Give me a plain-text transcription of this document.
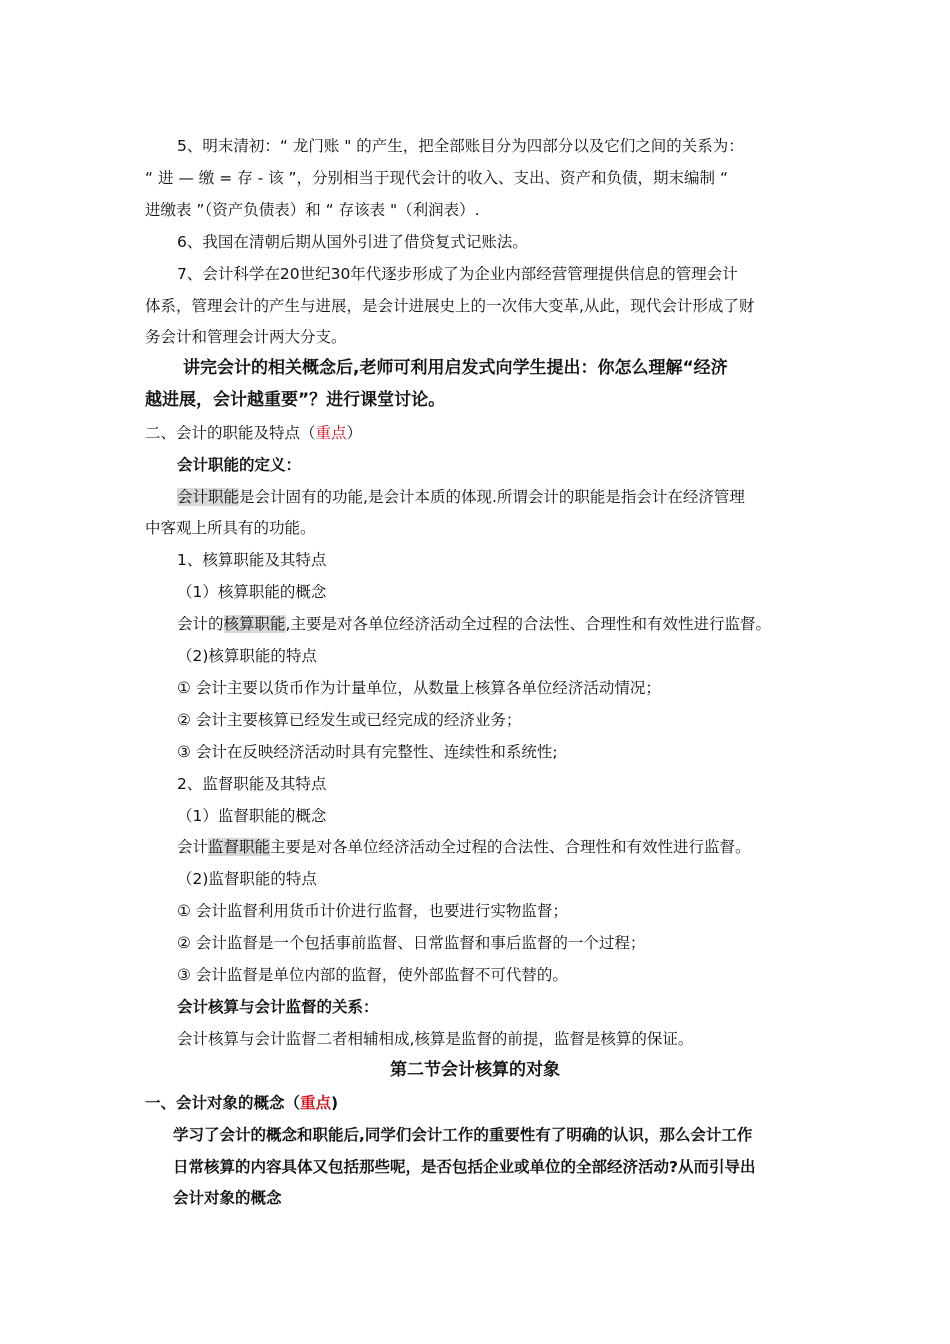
5、明末清初：“ 龙门账 " 的产生，把全部账目分为四部分以及它们之间的关系为：
“ 进 — 缴 = 存 - 该 ”，分别相当于现代会计的收入、支出、资产和负债，期末编制 “
进缴表 ”（资产负债表）和 “ 存该表 "（利润表）.
6、我国在清朝后期从国外引进了借贷复式记账法。
7、会计科学在20世纪30年代逐步形成了为企业内部经营管理提供信息的管理会计
体系，管理会计的产生与进展，是会计进展史上的一次伟大变革,从此，现代会计形成了财
务会计和管理会计两大分支。
讲完会计的相关概念后,老师可利用启发式向学生提出：你怎么理解“经济
越进展，会计越重要”？进行课堂讨论。
二、会计的职能及特点（重点）
会计职能的定义：
会计职能是会计固有的功能,是会计本质的体现.所谓会计的职能是指会计在经济管理
中客观上所具有的功能。
1、核算职能及其特点
（1）核算职能的概念
会计的核算职能,主要是对各单位经济活动全过程的合法性、合理性和有效性进行监督。
（2)核算职能的特点
① 会计主要以货币作为计量单位，从数量上核算各单位经济活动情况；
② 会计主要核算已经发生或已经完成的经济业务；
③ 会计在反映经济活动时具有完整性、连续性和系统性;
2、监督职能及其特点
（1）监督职能的概念
会计监督职能主要是对各单位经济活动全过程的合法性、合理性和有效性进行监督。
（2)监督职能的特点
① 会计监督利用货币计价进行监督，也要进行实物监督；
② 会计监督是一个包括事前监督、日常监督和事后监督的一个过程；
③ 会计监督是单位内部的监督，使外部监督不可代替的。
会计核算与会计监督的关系：
会计核算与会计监督二者相辅相成,核算是监督的前提，监督是核算的保证。
第二节会计核算的对象
一、会计对象的概念（重点)
学习了会计的概念和职能后,同学们会计工作的重要性有了明确的认识，那么会计工作
日常核算的内容具体又包括那些呢，是否包括企业或单位的全部经济活动?从而引导出
会计对象的概念
